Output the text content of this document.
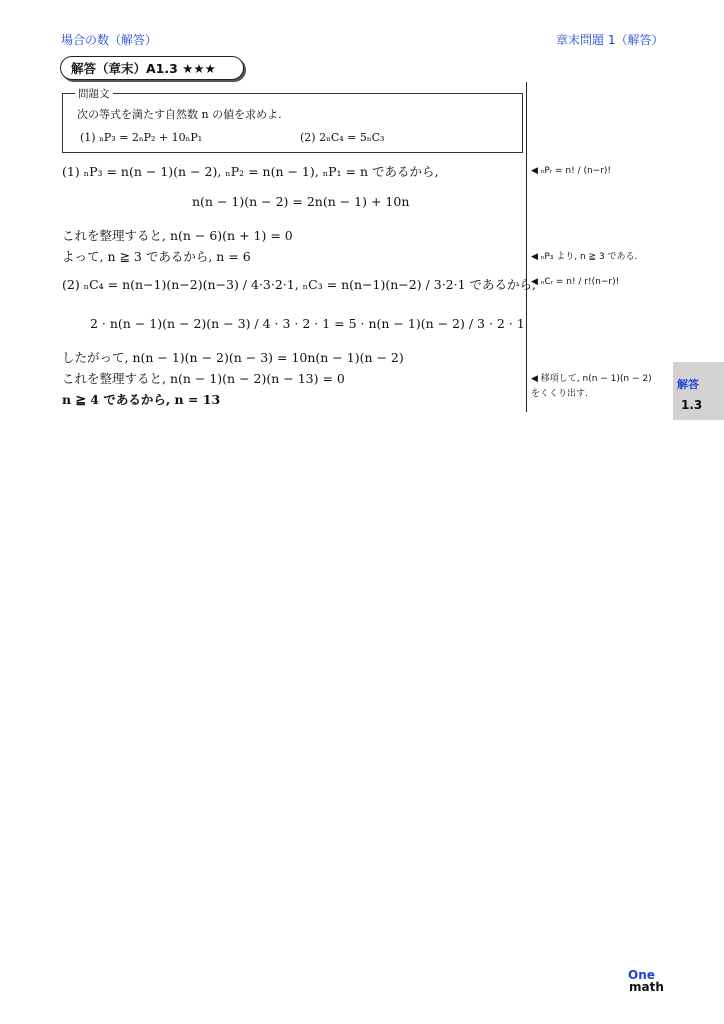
場合の数（解答）	章末問題 1（解答）
解答（章末）A1.3 ★★★
問題文
次の等式を満たす自然数 n の値を求めよ.
(1) ₙP₃ = 2ₙP₂ + 10ₙP₁	(2) 2ₙC₄ = 5ₙC₃
(1) ₙP₃ = n(n − 1)(n − 2), ₙP₂ = n(n − 1), ₙP₁ = n であるから,
n(n − 1)(n − 2) = 2n(n − 1) + 10n
これを整理すると, n(n − 6)(n + 1) = 0
よって, n ≧ 3 であるから, n = 6
(2) ₙC₄ = n(n−1)(n−2)(n−3) / 4·3·2·1, ₙC₃ = n(n−1)(n−2) / 3·2·1 であるから,
2 · n(n − 1)(n − 2)(n − 3) / 4 · 3 · 2 · 1 = 5 · n(n − 1)(n − 2) / 3 · 2 · 1
したがって, n(n − 1)(n − 2)(n − 3) = 10n(n − 1)(n − 2)
これを整理すると, n(n − 1)(n − 2)(n − 13) = 0
n ≧ 4 であるから, n = 13
◀ ₙPᵣ = n! / (n−r)!
◀ ₙP₃ より, n ≧ 3 である.
◀ ₙCᵣ = n! / r!(n−r)!
◀ 移項して, n(n − 1)(n − 2)
をくくり出す.
解答
1.3
One
math
